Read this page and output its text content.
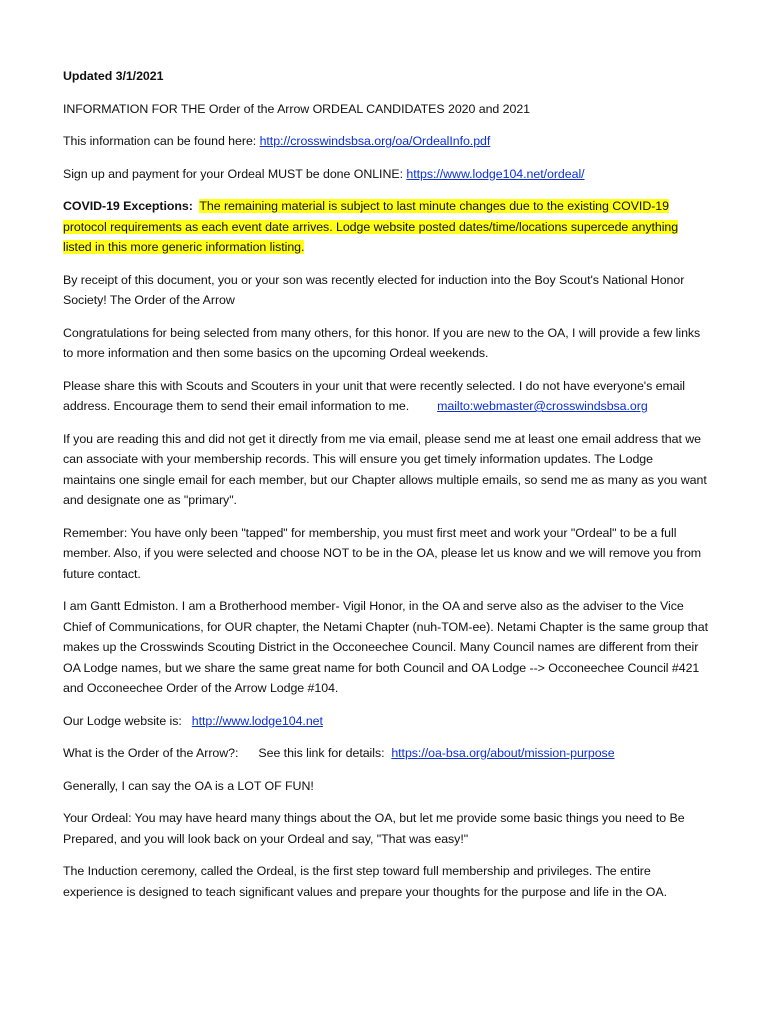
Updated 3/1/2021

INFORMATION FOR THE Order of the Arrow ORDEAL CANDIDATES 2020 and 2021

This information can be found here: http://crosswindsbsa.org/oa/OrdealInfo.pdf

Sign up and payment for your Ordeal MUST be done ONLINE: https://www.lodge104.net/ordeal/

COVID-19 Exceptions: The remaining material is subject to last minute changes due to the existing COVID-19 protocol requirements as each event date arrives. Lodge website posted dates/time/locations supercede anything listed in this more generic information listing.

By receipt of this document, you or your son was recently elected for induction into the Boy Scout's National Honor Society! The Order of the Arrow

Congratulations for being selected from many others, for this honor. If you are new to the OA, I will provide a few links to more information and then some basics on the upcoming Ordeal weekends.

Please share this with Scouts and Scouters in your unit that were recently selected. I do not have everyone's email address. Encourage them to send their email information to me. mailto:webmaster@crosswindsbsa.org

If you are reading this and did not get it directly from me via email, please send me at least one email address that we can associate with your membership records. This will ensure you get timely information updates. The Lodge maintains one single email for each member, but our Chapter allows multiple emails, so send me as many as you want and designate one as "primary".

Remember: You have only been "tapped" for membership, you must first meet and work your "Ordeal" to be a full member. Also, if you were selected and choose NOT to be in the OA, please let us know and we will remove you from future contact.

I am Gantt Edmiston. I am a Brotherhood member- Vigil Honor, in the OA and serve also as the adviser to the Vice Chief of Communications, for OUR chapter, the Netami Chapter (nuh-TOM-ee). Netami Chapter is the same group that makes up the Crosswinds Scouting District in the Occoneechee Council. Many Council names are different from their OA Lodge names, but we share the same great name for both Council and OA Lodge --> Occoneechee Council #421 and Occoneechee Order of the Arrow Lodge #104.

Our Lodge website is: http://www.lodge104.net

What is the Order of the Arrow?: See this link for details: https://oa-bsa.org/about/mission-purpose

Generally, I can say the OA is a LOT OF FUN!

Your Ordeal: You may have heard many things about the OA, but let me provide some basic things you need to Be Prepared, and you will look back on your Ordeal and say, "That was easy!"

The Induction ceremony, called the Ordeal, is the first step toward full membership and privileges. The entire experience is designed to teach significant values and prepare your thoughts for the purpose and life in the OA.
